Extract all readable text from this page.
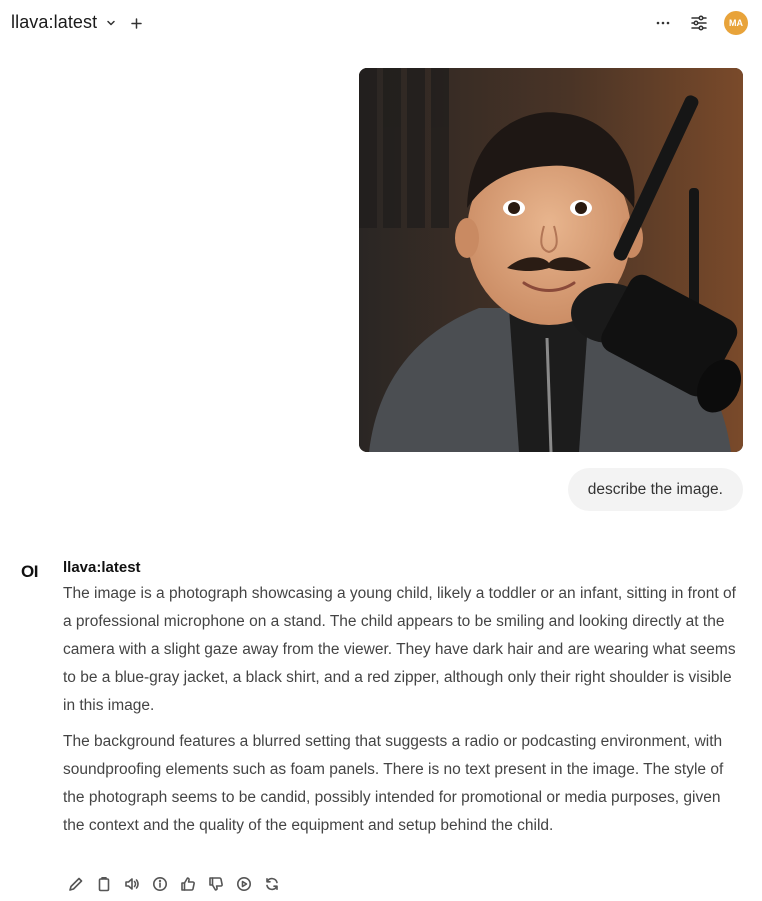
llava:latest	MA
describe the image.
OI llava:latest

The image is a photograph showcasing a young child, likely a toddler or an infant, sitting in front of a professional microphone on a stand. The child appears to be smiling and looking directly at the camera with a slight gaze away from the viewer. They have dark hair and are wearing what seems to be a blue-gray jacket, a black shirt, and a red zipper, although only their right shoulder is visible in this image.

The background features a blurred setting that suggests a radio or podcasting environment, with soundproofing elements such as foam panels. There is no text present in the image. The style of the photograph seems to be candid, possibly intended for promotional or media purposes, given the context and the quality of the equipment and setup behind the child.
